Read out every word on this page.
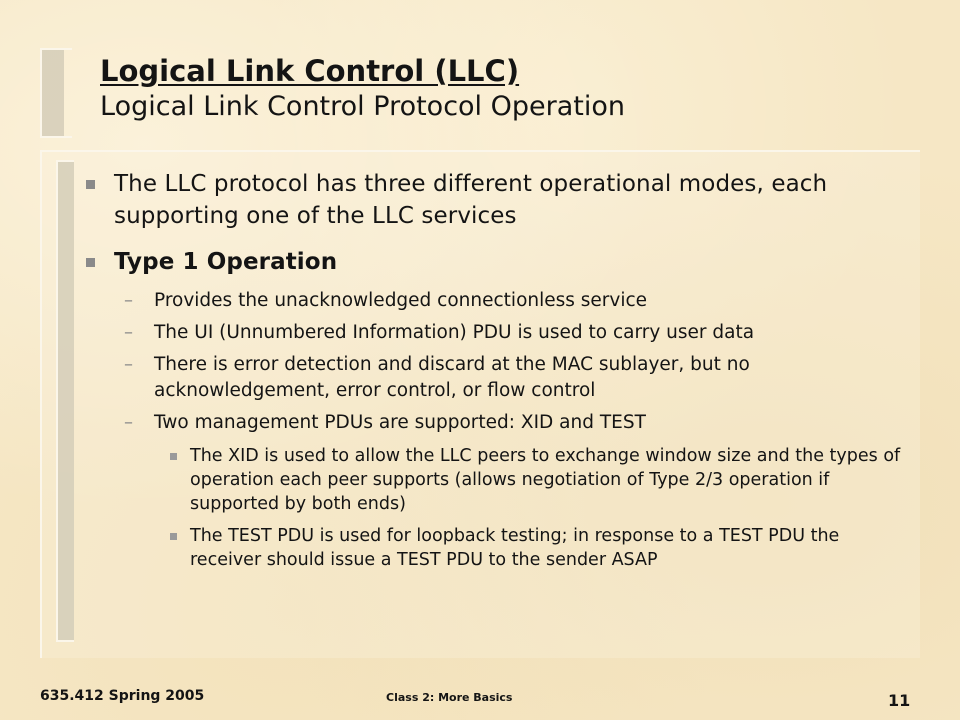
Logical Link Control (LLC)
Logical Link Control Protocol Operation
The LLC protocol has three different operational modes, each supporting one of the LLC services
Type 1 Operation
– Provides the unacknowledged connectionless service
– The UI (Unnumbered Information) PDU is used to carry user data
– There is error detection and discard at the MAC sublayer, but no acknowledgement, error control, or flow control
– Two management PDUs are supported: XID and TEST
The XID is used to allow the LLC peers to exchange window size and the types of operation each peer supports (allows negotiation of Type 2/3 operation if supported by both ends)
The TEST PDU is used for loopback testing; in response to a TEST PDU the receiver should issue a TEST PDU to the sender ASAP
635.412 Spring 2005	Class 2: More Basics	11
